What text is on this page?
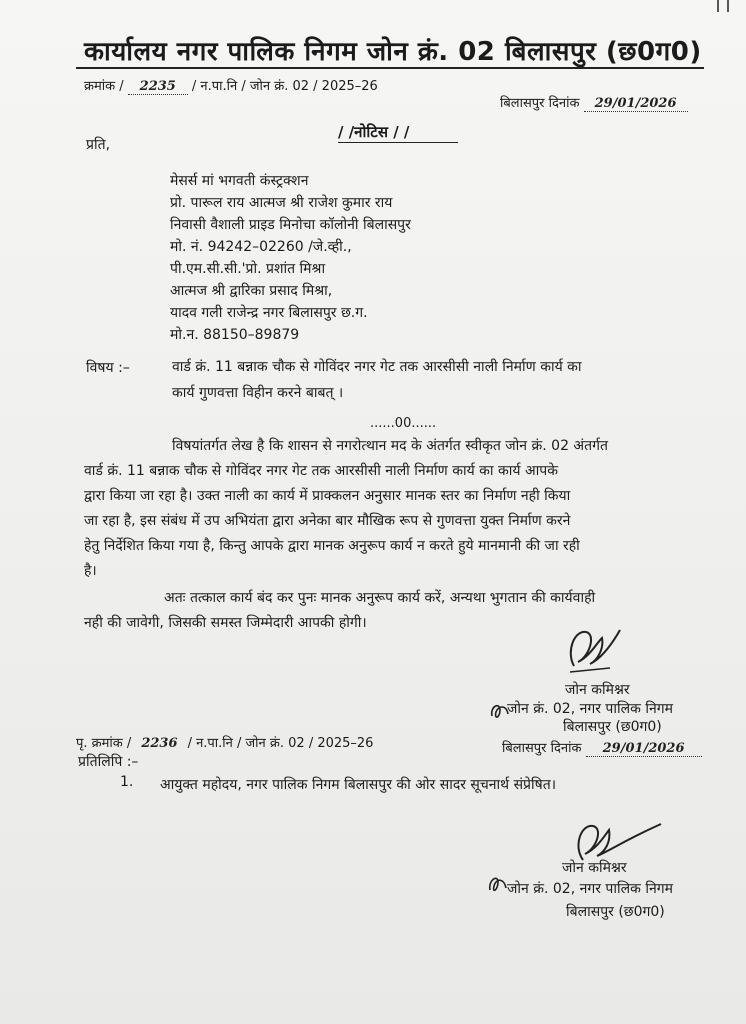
कार्यालय नगर पालिक निगम जोन क्रं. 02 बिलासपुर (छ0ग0)
क्रमांक / 2235 / न.पा.नि / जोन क्रं. 02 / 2025–26
बिलासपुर दिनांक 29/01/2026
/ /नोटिस / /
प्रति,
मेसर्स मां भगवती कंस्ट्रक्शन
प्रो. पारूल राय आत्मज श्री राजेश कुमार राय
निवासी वैशाली प्राइड मिनोचा कॉलोनी बिलासपुर
मो. नं. 94242–02260 /जे.व्ही.,
पी.एम.सी.सी.'प्रो. प्रशांत मिश्रा
आत्मज श्री द्वारिका प्रसाद मिश्रा,
यादव गली राजेन्द्र नगर बिलासपुर छ.ग.
मो.न. 88150–89879
विषय :–	वार्ड क्रं. 11 बन्नाक चौक से गोविंदर नगर गेट तक आरसीसी नाली निर्माण कार्य का
कार्य गुणवत्ता विहीन करने बाबत् ।
......00......
विषयांतर्गत लेख है कि शासन से नगरोत्थान मद के अंतर्गत स्वीकृत जोन क्रं. 02 अंतर्गत
वार्ड क्रं. 11 बन्नाक चौक से गोविंदर नगर गेट तक आरसीसी नाली निर्माण कार्य का कार्य आपके
द्वारा किया जा रहा है। उक्त नाली का कार्य में प्राक्कलन अनुसार मानक स्तर का निर्माण नही किया
जा रहा है, इस संबंध में उप अभियंता द्वारा अनेका बार मौखिक रूप से गुणवत्ता युक्त निर्माण करने
हेतु निर्देशित किया गया है, किन्तु आपके द्वारा मानक अनुरूप कार्य न करते हुये मानमानी की जा रही
है।
अतः तत्काल कार्य बंद कर पुनः मानक अनुरूप कार्य करें, अन्यथा भुगतान की कार्यवाही
नही की जावेगी, जिसकी समस्त जिम्मेदारी आपकी होगी।
जोन कमिश्नर
जोन क्रं. 02, नगर पालिक निगम
बिलासपुर (छ0ग0)
पृ. क्रमांक / 2236 / न.पा.नि / जोन क्रं. 02 / 2025–26	बिलासपुर दिनांक 29/01/2026
प्रतिलिपि :–
1. आयुक्त महोदय, नगर पालिक निगम बिलासपुर की ओर सादर सूचनार्थ संप्रेषित।
जोन कमिश्नर
जोन क्रं. 02, नगर पालिक निगम
बिलासपुर (छ0ग0)
